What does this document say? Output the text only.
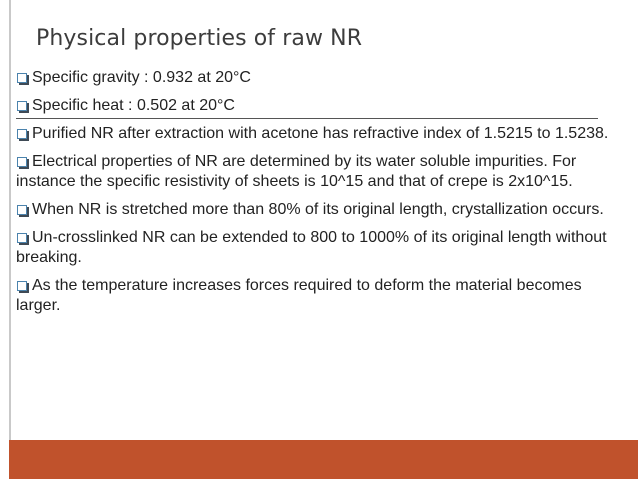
Physical properties of raw NR
Specific gravity : 0.932 at 20°C
Specific heat : 0.502 at 20°C
Purified NR after extraction with acetone has refractive index of 1.5215 to 1.5238.
Electrical properties of NR are determined by its water soluble impurities. For instance the specific resistivity of sheets is 10^15 and that of crepe is 2x10^15.
When NR is stretched more than 80% of its original length, crystallization occurs.
Un-crosslinked NR can be extended to 800 to 1000% of its original length without breaking.
As the temperature increases forces required to deform the material becomes larger.
